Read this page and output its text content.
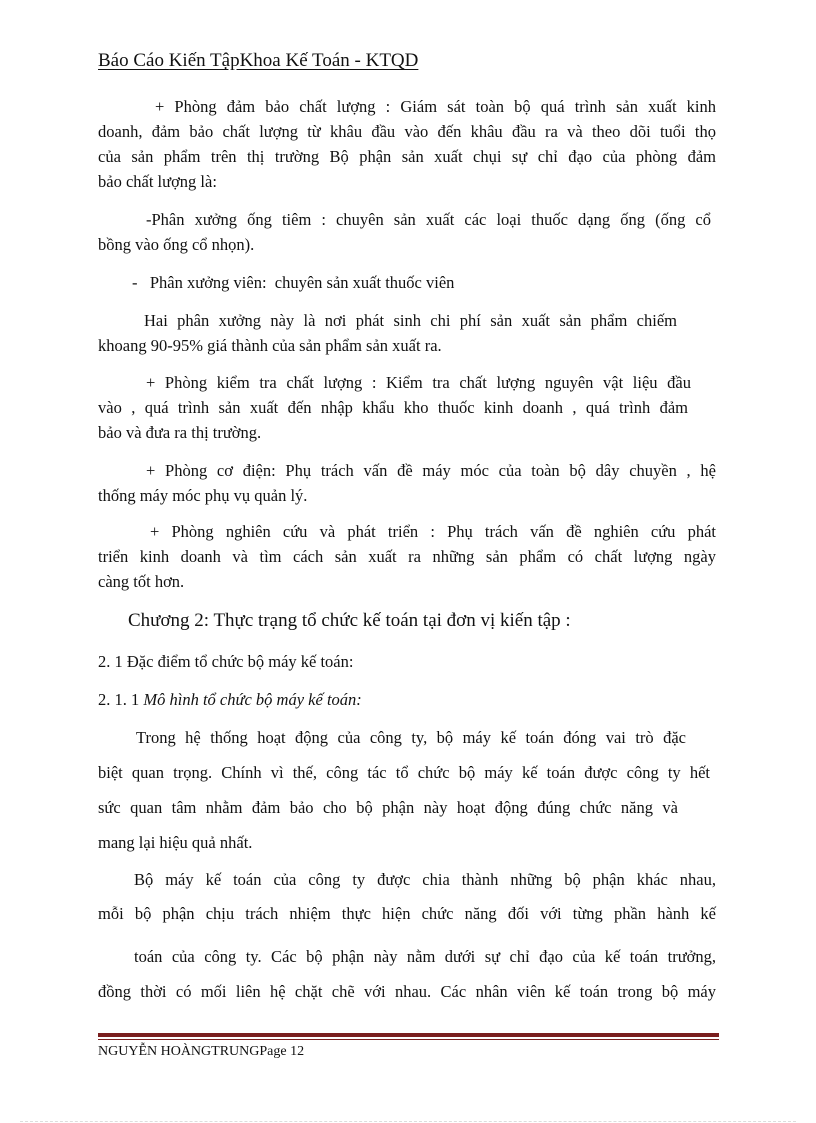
Báo Cáo Kiến TậpKhoa Kế Toán - KTQD
+ Phòng đảm bảo chất lượng : Giám sát toàn bộ quá trình sản xuất kinh
doanh, đảm bảo chất lượng từ khâu đầu vào đến khâu đầu ra và theo dõi tuổi thọ
của sản phẩm trên thị trường Bộ phận sản xuất chụi sự chỉ đạo của phòng đảm
bảo chất lượng là:
-Phân xưởng ống tiêm : chuyên sản xuất các loại thuốc dạng ống (ống cổ
bồng vào ống cổ nhọn).
-   Phân xưởng viên:  chuyên sản xuất thuốc viên
Hai phân xưởng này là nơi phát sinh chi phí sản xuất sản phẩm chiếm
khoang 90-95% giá thành của sản phẩm sản xuất ra.
+ Phòng kiểm tra chất lượng : Kiểm tra chất lượng nguyên vật liệu đầu
vào , quá trình sản xuất đến nhập khẩu kho thuốc kinh doanh , quá trình đảm
bảo và đưa ra thị trường.
+ Phòng cơ điện: Phụ trách vấn đề máy móc của toàn bộ dây chuyền , hệ
thống máy móc phụ vụ quản lý.
+ Phòng nghiên cứu và phát triển : Phụ trách vấn đề nghiên cứu phát
triển kinh doanh và tìm cách sản xuất ra những sản phẩm có chất lượng ngày
càng tốt hơn.
Chương 2: Thực trạng tổ chức kế toán tại đơn vị kiến tập :
2. 1 Đặc điểm tổ chức bộ máy kế toán:
2. 1. 1 Mô hình tổ chức bộ máy kế toán:
Trong hệ thống hoạt động của công ty, bộ máy kế toán đóng vai trò đặc
biệt quan trọng. Chính vì thế, công tác tổ chức bộ máy kế toán được công ty hết
sức quan tâm nhằm đảm bảo cho bộ phận này hoạt động đúng chức năng và
mang lại hiệu quả nhất.
Bộ máy kế toán của công ty được chia thành những bộ phận khác nhau,
mỗi bộ phận chịu trách nhiệm thực hiện chức năng đối với từng phần hành kế
toán của công ty. Các bộ phận này nằm dưới sự chỉ đạo của kế toán trưởng,
đồng thời có mối liên hệ chặt chẽ với nhau. Các nhân viên kế toán trong bộ máy
NGUYỄN HOÀNGTRUNGPage 12
